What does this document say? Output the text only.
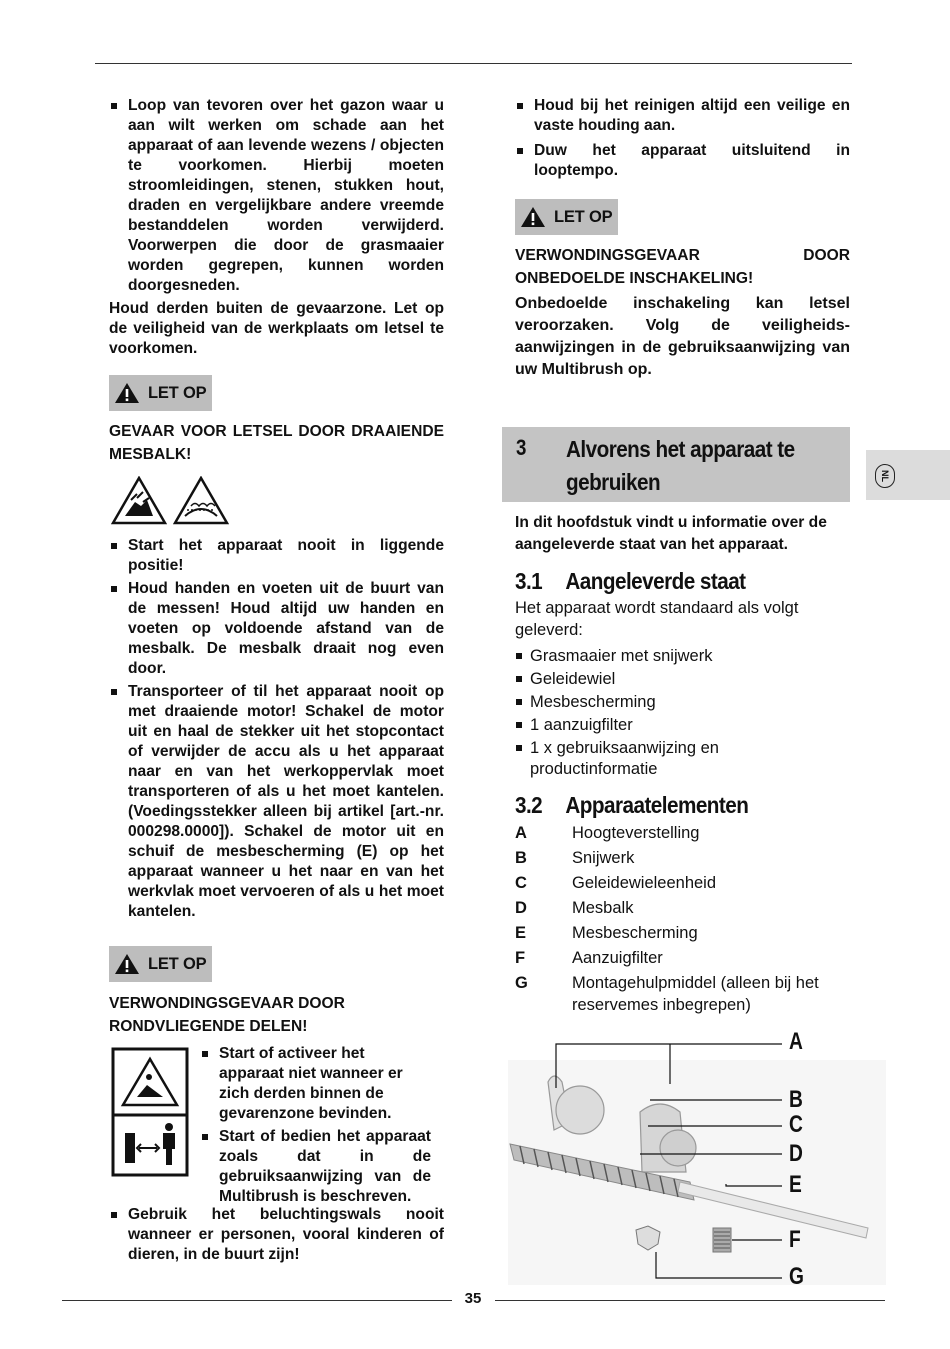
Loop van tevoren over het gazon waar u aan wilt werken om schade aan het apparaat of aan levende wezens / objecten te voorkomen. Hierbij moeten stroomleidingen, stenen, stukken hout, draden en vergelijkbare andere vreemde bestanddelen worden verwijderd. Voorwerpen die door de grasmaaier worden gegrepen, kunnen worden doorgesneden.

Houd derden buiten de gevaarzone. Let op de veiligheid van de werkplaats om letsel te voorkomen.

LET OP

GEVAAR VOOR LETSEL DOOR DRAAIENDE MESBALK!

Start het apparaat nooit in liggende positie!
Houd handen en voeten uit de buurt van de messen! Houd altijd uw handen en voeten op voldoende afstand van de mesbalk. De mesbalk draait nog even door.
Transporteer of til het apparaat nooit op met draaiende motor! Schakel de motor uit en haal de stekker uit het stopcontact of verwijder de accu als u het apparaat naar en van het werkoppervlak moet transporteren of als u het moet kantelen. (Voedingsstekker alleen bij artikel [art.-nr. 000298.0000]). Schakel de motor uit en schuif de mesbescherming (E) op het apparaat wanneer u het naar en van het werkvlak moet vervoeren of als u het moet kantelen.
LET OP

VERWONDINGSGEVAAR DOOR RONDVLIEGENDE DELEN!

Start of activeer het apparaat niet wanneer er zich derden binnen de gevarenzone bevinden.
Start of bedien het apparaat zoals dat in de gebruiksaanwijzing van de Multibrush is beschreven.
Gebruik het beluchtingswals nooit wanneer er personen, vooral kinderen of dieren, in de buurt zijn!
Houd bij het reinigen altijd een veilige en vaste houding aan.
Duw het apparaat uitsluitend in looptempo.
LET OP

VERWONDINGSGEVAAR DOOR ONBEDOELDE INSCHAKELING!

Onbedoelde inschakeling kan letsel veroorzaken. Volg de veiligheids-aanwijzingen in de gebruiksaanwijzing van uw Multibrush op.

3 Alvorens het apparaat te gebruiken	NL

In dit hoofdstuk vindt u informatie over de aangeleverde staat van het apparaat.

3.1 Aangeleverde staat

Het apparaat wordt standaard als volgt geleverd:

Grasmaaier met snijwerk
Geleidewiel
Mesbescherming
1 aanzuigfilter
1 x gebruiksaanwijzing en productinformatie
3.2 Apparaatelementen
A	Hoogteverstelling
B	Snijwerk
C	Geleidewieleenheid
D	Mesbalk
E	Mesbescherming
F	Aanzuigfilter
G	Montagehulpmiddel (alleen bij het reservemes inbegrepen)
A
B
C
D
E
F
G
35
